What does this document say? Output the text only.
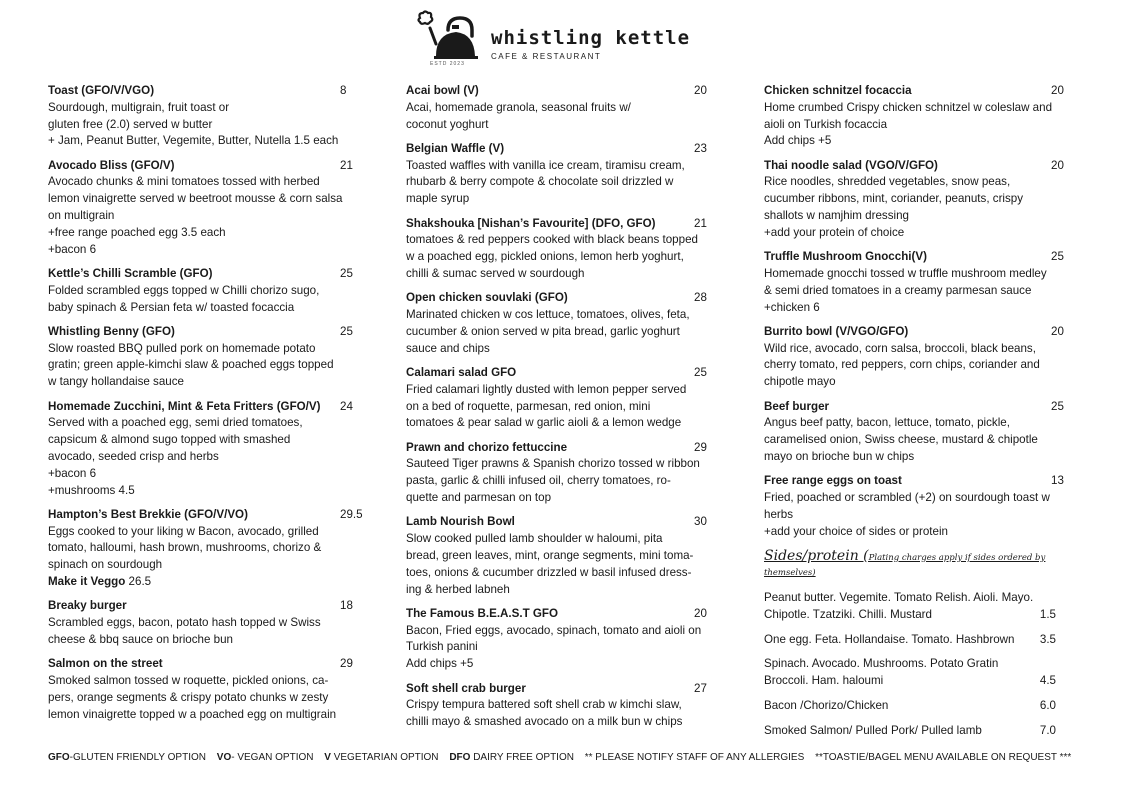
ESTD 2023
whistling kettle
CAFE & RESTAURANT
Toast (GFO/V/VGO)	8
Sourdough, multigrain, fruit toast or
gluten free (2.0) served w butter
+ Jam, Peanut Butter, Vegemite, Butter, Nutella 1.5 each
Avocado Bliss (GFO/V)	21
Avocado chunks & mini tomatoes tossed with herbed
lemon vinaigrette served w beetroot mousse & corn salsa
on multigrain
+free range poached egg 3.5 each
+bacon 6
Kettle’s Chilli Scramble (GFO)	25
Folded scrambled eggs topped w Chilli chorizo sugo,
baby spinach & Persian feta w/ toasted focaccia
Whistling Benny (GFO)	25
Slow roasted BBQ pulled pork on homemade potato
gratin; green apple-kimchi slaw & poached eggs topped
w tangy hollandaise sauce
Homemade Zucchini, Mint & Feta Fritters (GFO/V) 24
Served with a poached egg, semi dried tomatoes,
capsicum & almond sugo topped with smashed
avocado, seeded crisp and herbs
+bacon 6
+mushrooms 4.5
Hampton’s Best Brekkie (GFO/V/VO)	29.5
Eggs cooked to your liking w Bacon, avocado, grilled
tomato, halloumi, hash brown, mushrooms, chorizo &
spinach on sourdough
Make it Veggo 26.5
Breaky burger	18
Scrambled eggs, bacon, potato hash topped w Swiss
cheese & bbq sauce on brioche bun
Salmon on the street	29
Smoked salmon tossed w roquette, pickled onions, ca-
pers, orange segments & crispy potato chunks w zesty
lemon vinaigrette topped w a poached egg on multigrain
Acai bowl (V)	20
Acai, homemade granola, seasonal fruits w/
coconut yoghurt
Belgian Waffle (V)	23
Toasted waffles with vanilla ice cream, tiramisu cream,
rhubarb & berry compote & chocolate soil drizzled w
maple syrup
Shakshouka [Nishan’s Favourite] (DFO, GFO)	21
tomatoes & red peppers cooked with black beans topped
w a poached egg, pickled onions, lemon herb yoghurt,
chilli & sumac served w sourdough
Open chicken souvlaki (GFO)	28
Marinated chicken w cos lettuce, tomatoes, olives, feta,
cucumber & onion served w pita bread, garlic yoghurt
sauce and chips
Calamari salad GFO	25
Fried calamari lightly dusted with lemon pepper served
on a bed of roquette, parmesan, red onion, mini
tomatoes & pear salad w garlic aioli & a lemon wedge
Prawn and chorizo fettuccine	29
Sauteed Tiger prawns & Spanish chorizo tossed w ribbon
pasta, garlic & chilli infused oil, cherry tomatoes, ro-
quette and parmesan on top
Lamb Nourish Bowl	30
Slow cooked pulled lamb shoulder w haloumi, pita
bread, green leaves, mint, orange segments, mini toma-
toes, onions & cucumber drizzled w basil infused dress-
ing & herbed labneh
The Famous B.E.A.S.T GFO	20
Bacon, Fried eggs, avocado, spinach, tomato and aioli on
Turkish panini
Add chips +5
Soft shell crab burger	27
Crispy tempura battered soft shell crab w kimchi slaw,
chilli mayo & smashed avocado on a milk bun w chips
Chicken schnitzel focaccia	20
Home crumbed Crispy chicken schnitzel w coleslaw and
aioli on Turkish focaccia
Add chips +5
Thai noodle salad (VGO/V/GFO)	20
Rice noodles, shredded vegetables, snow peas,
cucumber ribbons, mint, coriander, peanuts, crispy
shallots w namjhim dressing
+add your protein of choice
Truffle Mushroom Gnocchi(V)	25
Homemade gnocchi tossed w truffle mushroom medley
& semi dried tomatoes in a creamy parmesan sauce
+chicken 6
Burrito bowl (V/VGO/GFO)	20
Wild rice, avocado, corn salsa, broccoli, black beans,
cherry tomato, red peppers, corn chips, coriander and
chipotle mayo
Beef burger	25
Angus beef patty, bacon, lettuce, tomato, pickle,
caramelised onion, Swiss cheese, mustard & chipotle
mayo on brioche bun w chips
Free range eggs on toast	13
Fried, poached or scrambled (+2) on sourdough toast w
herbs
+add your choice of sides or protein
Sides/protein (Plating charges apply if sides ordered by
themselves)
Peanut butter. Vegemite. Tomato Relish. Aioli. Mayo.
Chipotle. Tzatziki. Chilli. Mustard	1.5
One egg. Feta. Hollandaise. Tomato. Hashbrown	3.5
Spinach. Avocado. Mushrooms. Potato Gratin
Broccoli. Ham. haloumi	4.5
Bacon /Chorizo/Chicken	6.0
Smoked Salmon/ Pulled Pork/ Pulled lamb	7.0
GFO-GLUTEN FRIENDLY OPTION VO- VEGAN OPTION V VEGETARIAN OPTION DFO DAIRY FREE OPTION ** PLEASE NOTIFY STAFF OF ANY ALLERGIES **TOASTIE/BAGEL MENU AVAILABLE ON REQUEST ***
